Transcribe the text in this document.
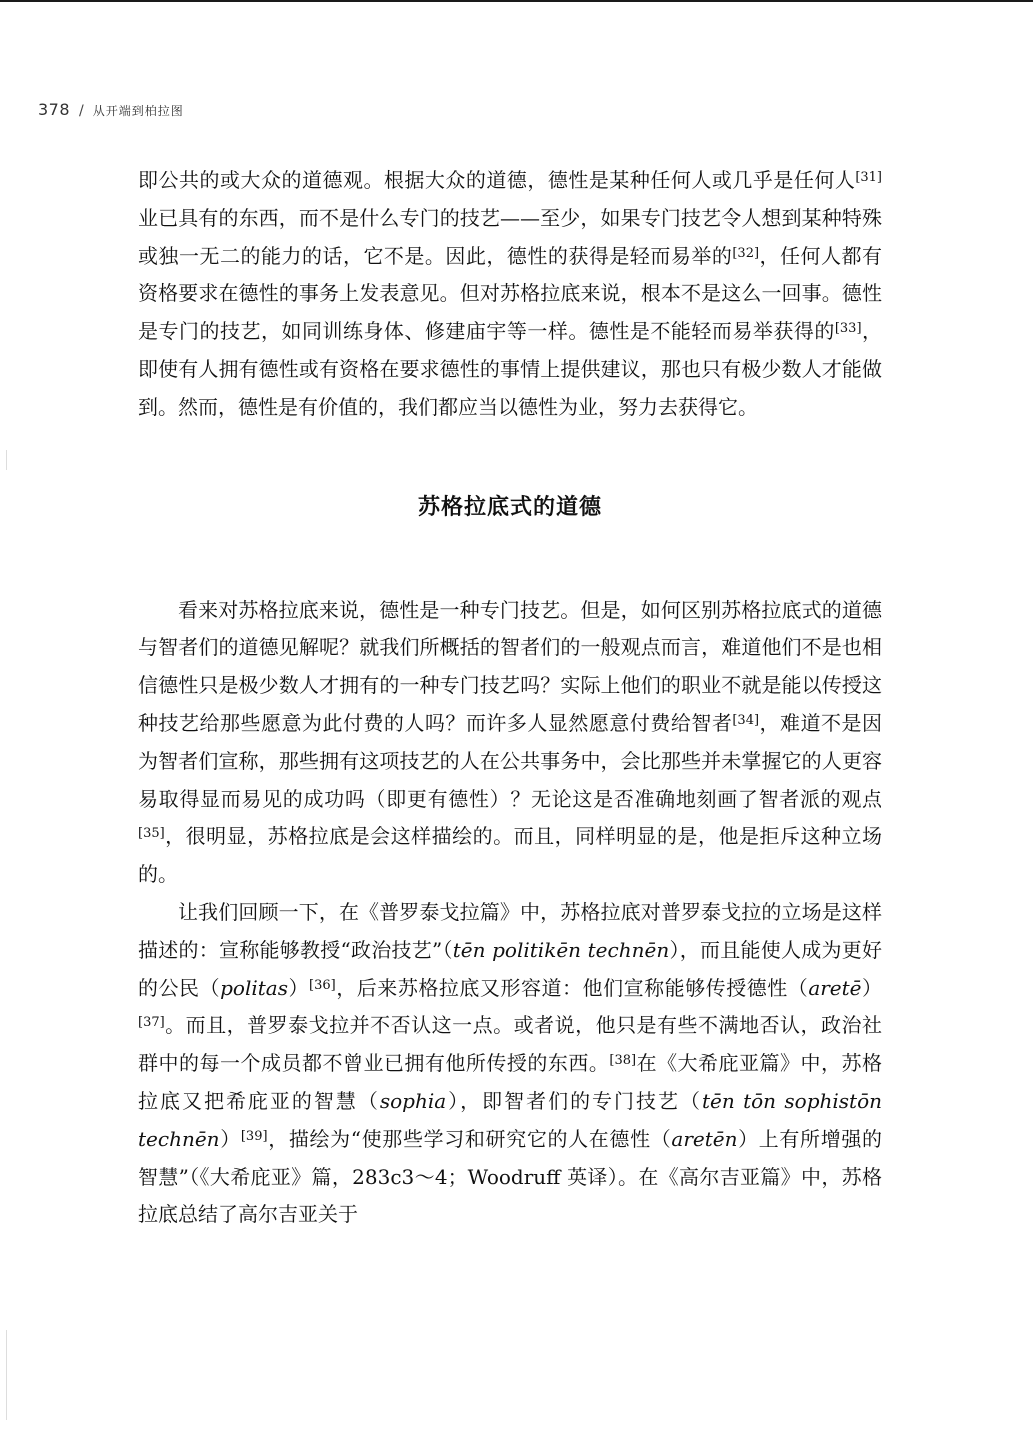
378 / 从开端到柏拉图

即公共的或大众的道德观。根据大众的道德，德性是某种任何人或几乎是任何人[31]业已具有的东西，而不是什么专门的技艺——至少，如果专门技艺令人想到某种特殊或独一无二的能力的话，它不是。因此，德性的获得是轻而易举的[32]，任何人都有资格要求在德性的事务上发表意见。但对苏格拉底来说，根本不是这么一回事。德性是专门的技艺，如同训练身体、修建庙宇等一样。德性是不能轻而易举获得的[33]，即使有人拥有德性或有资格在要求德性的事情上提供建议，那也只有极少数人才能做到。然而，德性是有价值的，我们都应当以德性为业，努力去获得它。

苏格拉底式的道德

看来对苏格拉底来说，德性是一种专门技艺。但是，如何区别苏格拉底式的道德与智者们的道德见解呢？就我们所概括的智者们的一般观点而言，难道他们不是也相信德性只是极少数人才拥有的一种专门技艺吗？实际上他们的职业不就是能以传授这种技艺给那些愿意为此付费的人吗？而许多人显然愿意付费给智者[34]，难道不是因为智者们宣称，那些拥有这项技艺的人在公共事务中，会比那些并未掌握它的人更容易取得显而易见的成功吗（即更有德性）？无论这是否准确地刻画了智者派的观点[35]，很明显，苏格拉底是会这样描绘的。而且，同样明显的是，他是拒斥这种立场的。

让我们回顾一下，在《普罗泰戈拉篇》中，苏格拉底对普罗泰戈拉的立场是这样描述的：宣称能够教授“政治技艺”（tēn politikēn technēn），而且能使人成为更好的公民（politas）[36]，后来苏格拉底又形容道：他们宣称能够传授德性（aretē）[37]。而且，普罗泰戈拉并不否认这一点。或者说，他只是有些不满地否认，政治社群中的每一个成员都不曾业已拥有他所传授的东西。[38]在《大希庇亚篇》中，苏格拉底又把希庇亚的智慧（sophia），即智者们的专门技艺（tēn tōn sophistōn technēn）[39]，描绘为“使那些学习和研究它的人在德性（aretēn）上有所增强的智慧”（《大希庇亚》篇，283c3～4；Woodruff 英译）。在《高尔吉亚篇》中，苏格拉底总结了高尔吉亚关于
